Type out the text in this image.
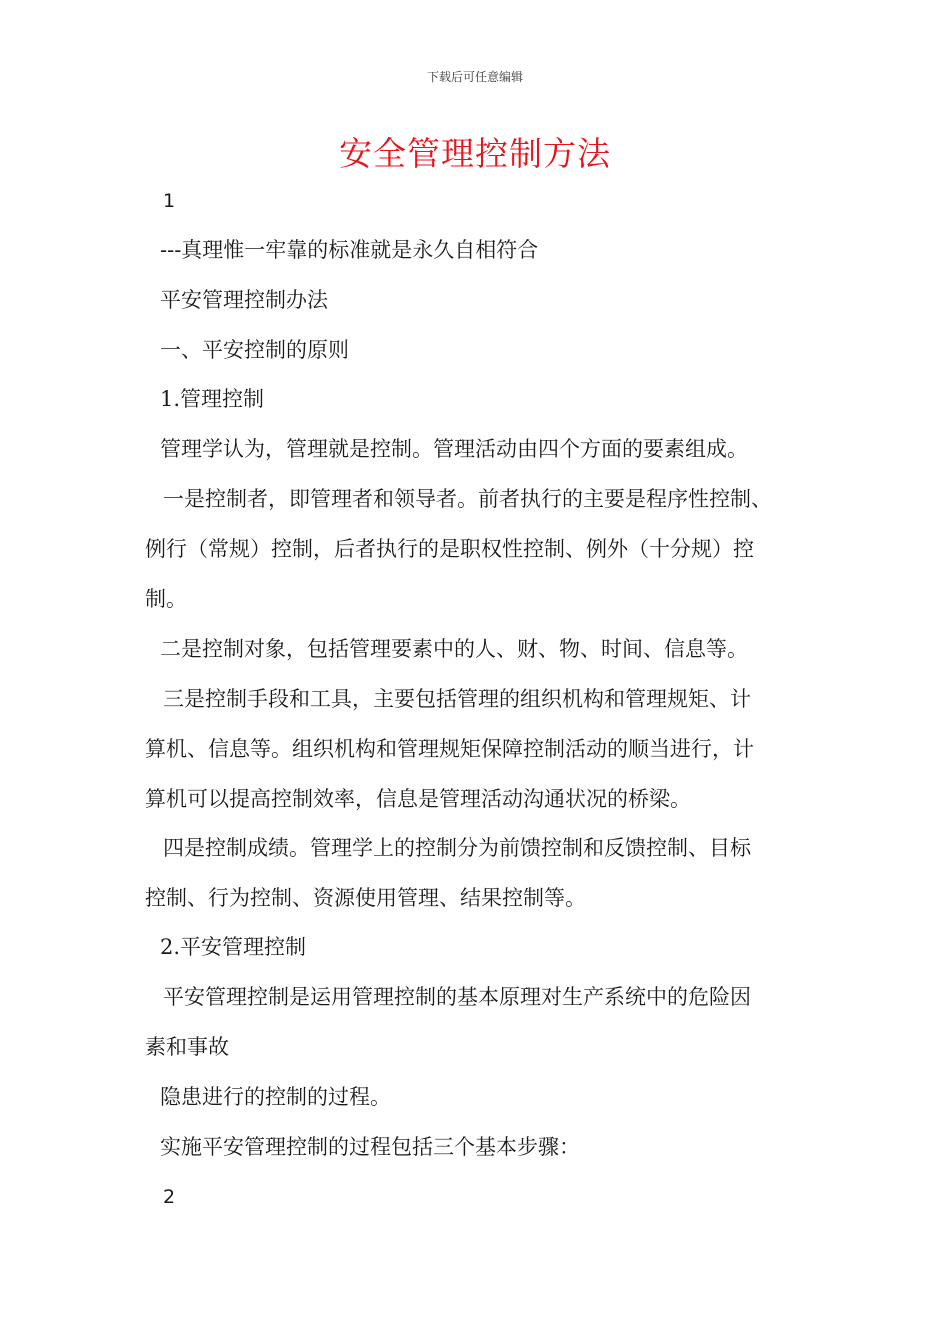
下载后可任意编辑
安全管理控制方法

1

---真理惟一牢靠的标准就是永久自相符合

平安管理控制办法

一、平安控制的原则

1.管理控制

管理学认为，管理就是控制。管理活动由四个方面的要素组成。

一是控制者，即管理者和领导者。前者执行的主要是程序性控制、

例行（常规）控制，后者执行的是职权性控制、例外（十分规）控

制。

二是控制对象，包括管理要素中的人、财、物、时间、信息等。

三是控制手段和工具，主要包括管理的组织机构和管理规矩、计

算机、信息等。组织机构和管理规矩保障控制活动的顺当进行，计

算机可以提高控制效率，信息是管理活动沟通状况的桥梁。

四是控制成绩。管理学上的控制分为前馈控制和反馈控制、目标

控制、行为控制、资源使用管理、结果控制等。

2.平安管理控制

平安管理控制是运用管理控制的基本原理对生产系统中的危险因

素和事故

隐患进行的控制的过程。

实施平安管理控制的过程包括三个基本步骤：

2
